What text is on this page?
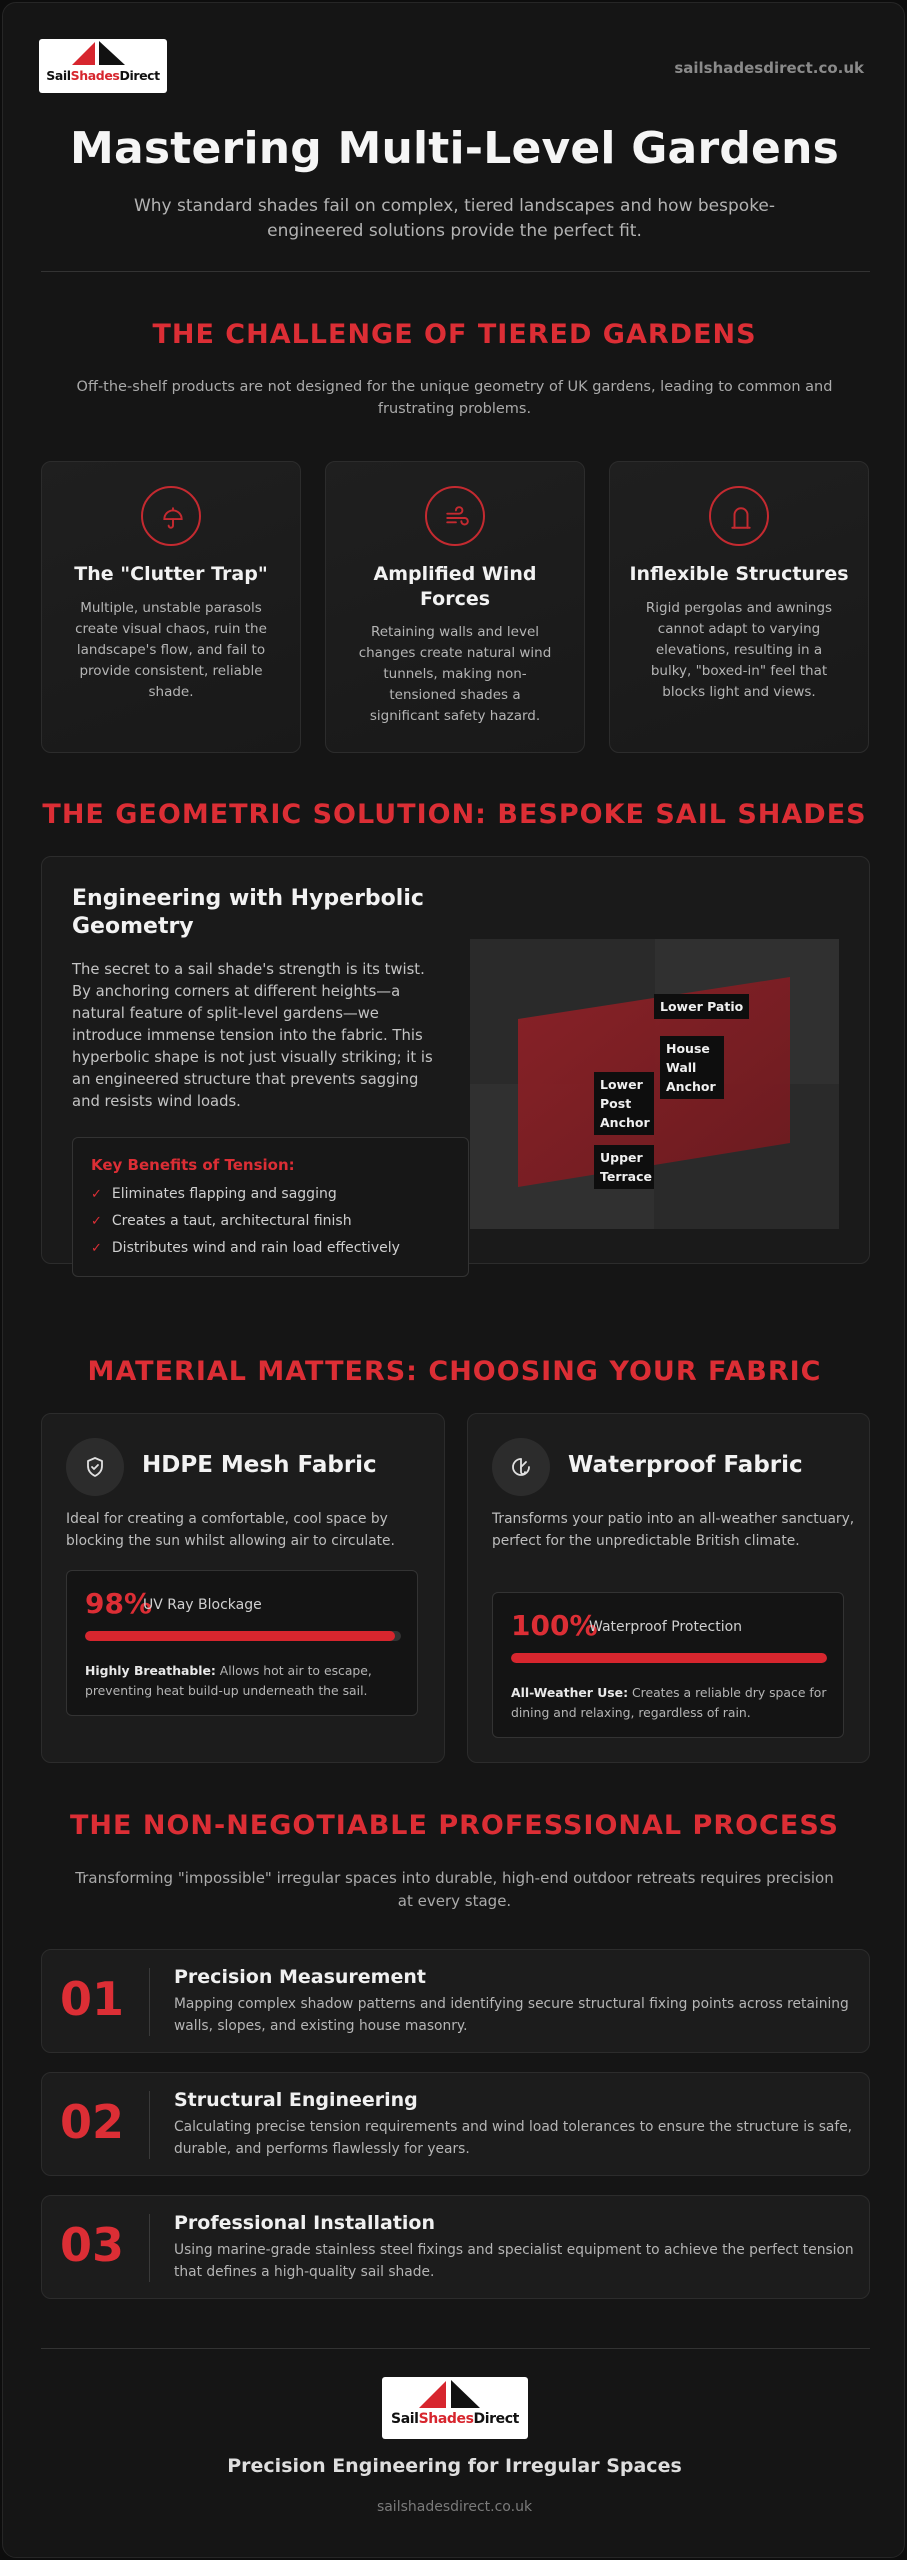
SailShadesDirect	sailshadesdirect.co.uk
Mastering Multi-Level Gardens
Why standard shades fail on complex, tiered landscapes and how bespoke-engineered solutions provide the perfect fit.
THE CHALLENGE OF TIERED GARDENS
Off-the-shelf products are not designed for the unique geometry of UK gardens, leading to common and frustrating problems.
The "Clutter Trap"

Multiple, unstable parasols create visual chaos, ruin the landscape's flow, and fail to provide consistent, reliable shade.

Amplified Wind Forces

Retaining walls and level changes create natural wind tunnels, making non-tensioned shades a significant safety hazard.

Inflexible Structures

Rigid pergolas and awnings cannot adapt to varying elevations, resulting in a bulky, "boxed-in" feel that blocks light and views.

THE GEOMETRIC SOLUTION: BESPOKE SAIL SHADES
Engineering with Hyperbolic Geometry
The secret to a sail shade's strength is its twist. By anchoring corners at different heights—a natural feature of split-level gardens—we introduce immense tension into the fabric. This hyperbolic shape is not just visually striking; it is an engineered structure that prevents sagging and resists wind loads.
Key Benefits of Tension:
✓ Eliminates flapping and sagging
✓ Creates a taut, architectural finish
✓ Distributes wind and rain load effectively
Lower Patio
House Wall Anchor
Lower Post Anchor
Upper Terrace
MATERIAL MATTERS: CHOOSING YOUR FABRIC
HDPE Mesh Fabric
Ideal for creating a comfortable, cool space by blocking the sun whilst allowing air to circulate.
98%
UV Ray Blockage
Highly Breathable: Allows hot air to escape, preventing heat build-up underneath the sail.
Waterproof Fabric
Transforms your patio into an all-weather sanctuary, perfect for the unpredictable British climate.
100%
Waterproof Protection
All-Weather Use: Creates a reliable dry space for dining and relaxing, regardless of rain.
THE NON-NEGOTIABLE PROFESSIONAL PROCESS
Transforming "impossible" irregular spaces into durable, high-end outdoor retreats requires precision at every stage.
01	Precision Measurement

Mapping complex shadow patterns and identifying secure structural fixing points across retaining walls, slopes, and existing house masonry.

02	Structural Engineering

Calculating precise tension requirements and wind load tolerances to ensure the structure is safe, durable, and performs flawlessly for years.

03	Professional Installation

Using marine-grade stainless steel fixings and specialist equipment to achieve the perfect tension that defines a high-quality sail shade.

SailShadesDirect
Precision Engineering for Irregular Spaces
sailshadesdirect.co.uk
